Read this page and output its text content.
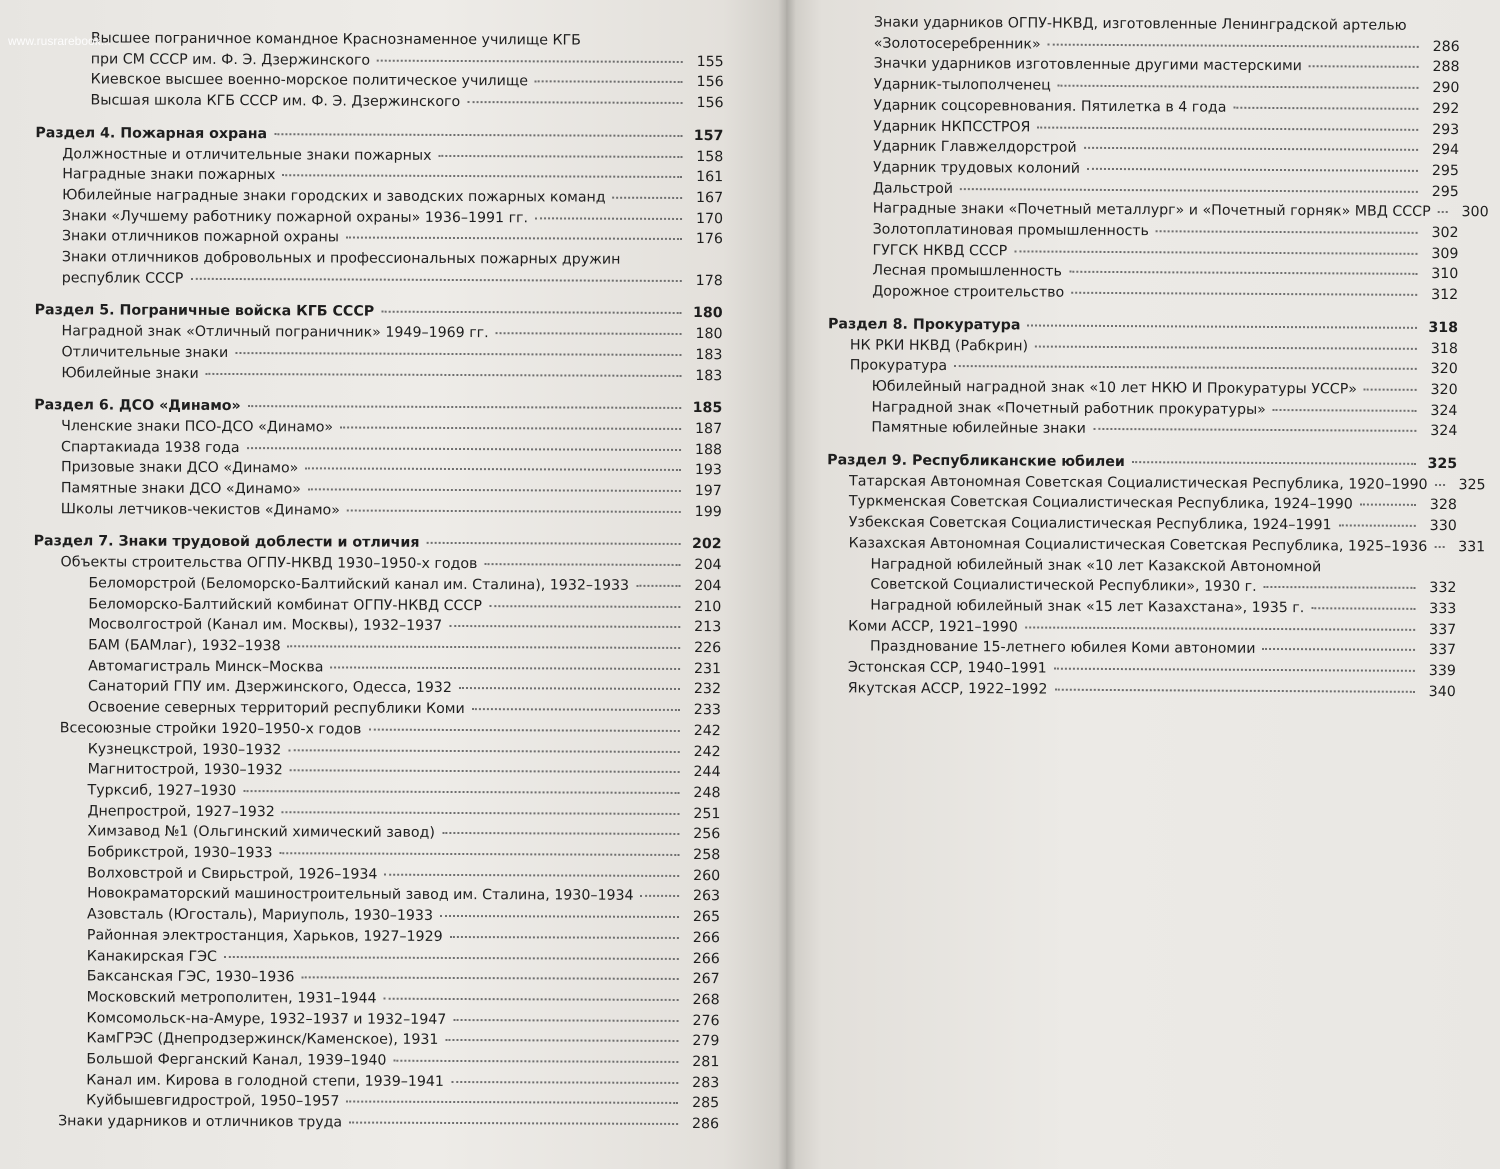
Высшее пограничное командное Краснознаменное училище КГБ
при СМ СССР им. Ф. Э. Дзержинского	155
Киевское высшее военно-морское политическое училище	156
Высшая школа КГБ СССР им. Ф. Э. Дзержинского	156
Раздел 4. Пожарная охрана	157
Должностные и отличительные знаки пожарных	158
Наградные знаки пожарных	161
Юбилейные наградные знаки городских и заводских пожарных команд	167
Знаки «Лучшему работнику пожарной охраны» 1936–1991 гг.	170
Знаки отличников пожарной охраны	176
Знаки отличников добровольных и профессиональных пожарных дружин
республик СССР	178
Раздел 5. Пограничные войска КГБ СССР	180
Наградной знак «Отличный пограничник» 1949–1969 гг.	180
Отличительные знаки	183
Юбилейные знаки	183
Раздел 6. ДСО «Динамо»	185
Членские знаки ПСО-ДСО «Динамо»	187
Спартакиада 1938 года	188
Призовые знаки ДСО «Динамо»	193
Памятные знаки ДСО «Динамо»	197
Школы летчиков-чекистов «Динамо»	199
Раздел 7. Знаки трудовой доблести и отличия	202
Объекты строительства ОГПУ-НКВД 1930–1950-х годов	204
Беломорстрой (Беломорско-Балтийский канал им. Сталина), 1932–1933	204
Беломорско-Балтийский комбинат ОГПУ-НКВД СССР	210
Мосволгострой (Канал им. Москвы), 1932–1937	213
БАМ (БАМлаг), 1932–1938	226
Автомагистраль Минск–Москва	231
Санаторий ГПУ им. Дзержинского, Одесса, 1932	232
Освоение северных территорий республики Коми	233
Всесоюзные стройки 1920–1950-х годов	242
Кузнецкстрой, 1930–1932	242
Магнитострой, 1930–1932	244
Турксиб, 1927–1930	248
Днепрострой, 1927–1932	251
Химзавод №1 (Ольгинский химический завод)	256
Бобрикстрой, 1930–1933	258
Волховстрой и Свирьстрой, 1926–1934	260
Новокраматорский машиностроительный завод им. Сталина, 1930–1934	263
Азовсталь (Югосталь), Мариуполь, 1930–1933	265
Районная электростанция, Харьков, 1927–1929	266
Канакирская ГЭС	266
Баксанская ГЭС, 1930–1936	267
Московский метрополитен, 1931–1944	268
Комсомольск-на-Амуре, 1932–1937 и 1932–1947	276
КамГРЭС (Днепродзержинск/Каменское), 1931	279
Большой Ферганский Канал, 1939–1940	281
Канал им. Кирова в голодной степи, 1939–1941	283
Куйбышевгидрострой, 1950–1957	285
Знаки ударников и отличников труда	286
Знаки ударников ОГПУ-НКВД, изготовленные Ленинградской артелью
«Золотосеребренник»	286
Значки ударников изготовленные другими мастерскими	288
Ударник-тылополченец	290
Ударник соцсоревнования. Пятилетка в 4 года	292
Ударник НКПССТРОЯ	293
Ударник Главжелдорстрой	294
Ударник трудовых колоний	295
Дальстрой	295
Наградные знаки «Почетный металлург» и «Почетный горняк» МВД СССР	300
Золотоплатиновая промышленность	302
ГУГСК НКВД СССР	309
Лесная промышленность	310
Дорожное строительство	312
Раздел 8. Прокуратура	318
НК РКИ НКВД (Рабкрин)	318
Прокуратура	320
Юбилейный наградной знак «10 лет НКЮ И Прокуратуры УССР»	320
Наградной знак «Почетный работник прокуратуры»	324
Памятные юбилейные знаки	324
Раздел 9. Республиканские юбилеи	325
Татарская Автономная Советская Социалистическая Республика, 1920–1990	325
Туркменская Советская Социалистическая Республика, 1924–1990	328
Узбекская Советская Социалистическая Республика, 1924–1991	330
Казахская Автономная Социалистическая Советская Республика, 1925–1936	331
Наградной юбилейный знак «10 лет Казакской Автономной
Советской Социалистической Республики», 1930 г.	332
Наградной юбилейный знак «15 лет Казахстана», 1935 г.	333
Коми АССР, 1921–1990	337
Празднование 15-летнего юбилея Коми автономии	337
Эстонская ССР, 1940–1991	339
Якутская АССР, 1922–1992	340
www.rusrarebook...
